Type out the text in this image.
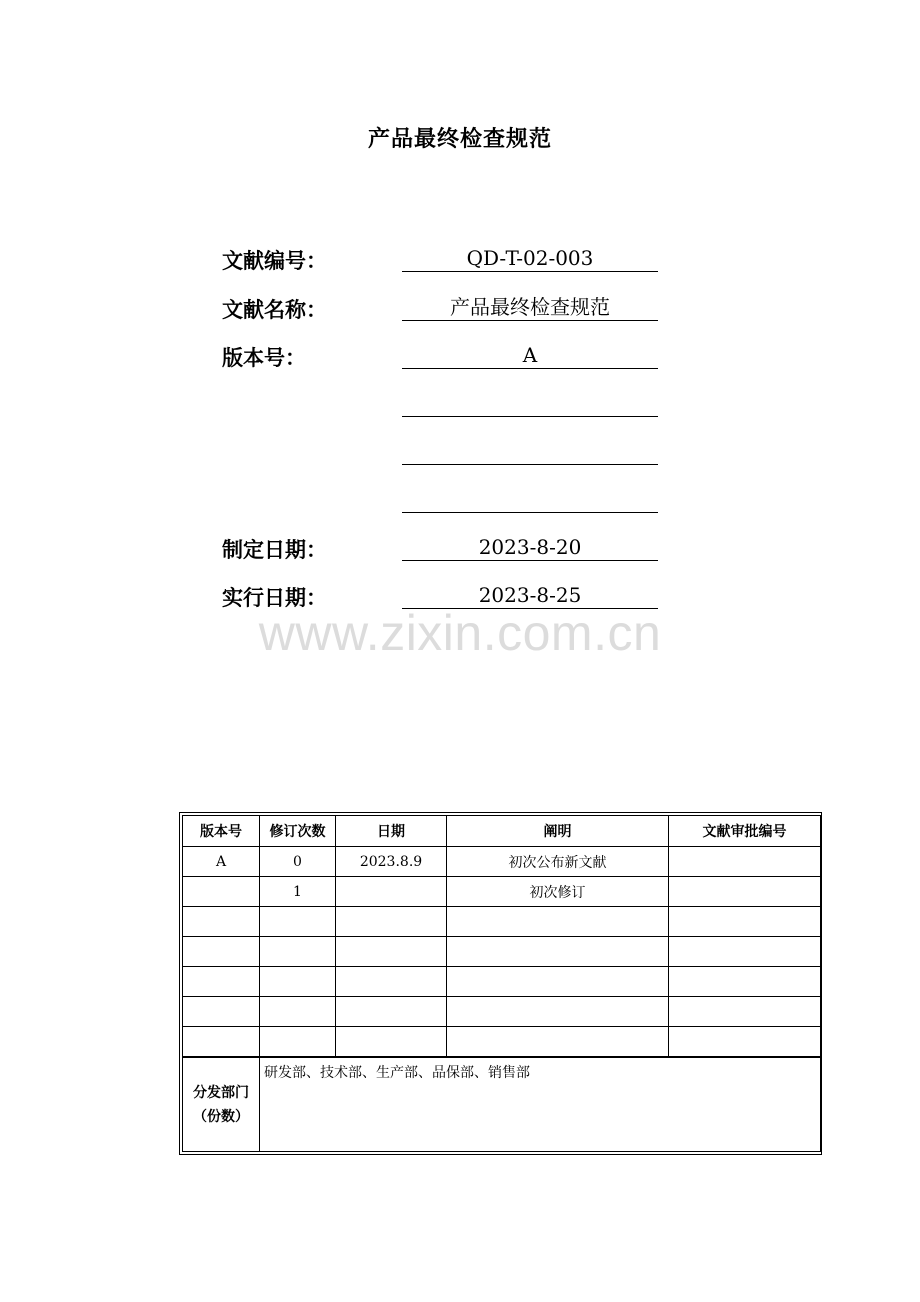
产品最终检查规范
文献编号：	QD-T-02-003
文献名称：	产品最终检查规范
版本号：	A
制定日期：	2023-8-20
实行日期：	2023-8-25
www.zixin.com.cn
版本号	修订次数	日期	阐明	文献审批编号
A	0	2023.8.9	初次公布新文献	
	1		初次修订	

分发部门
（份数）	研发部、技术部、生产部、品保部、销售部			
